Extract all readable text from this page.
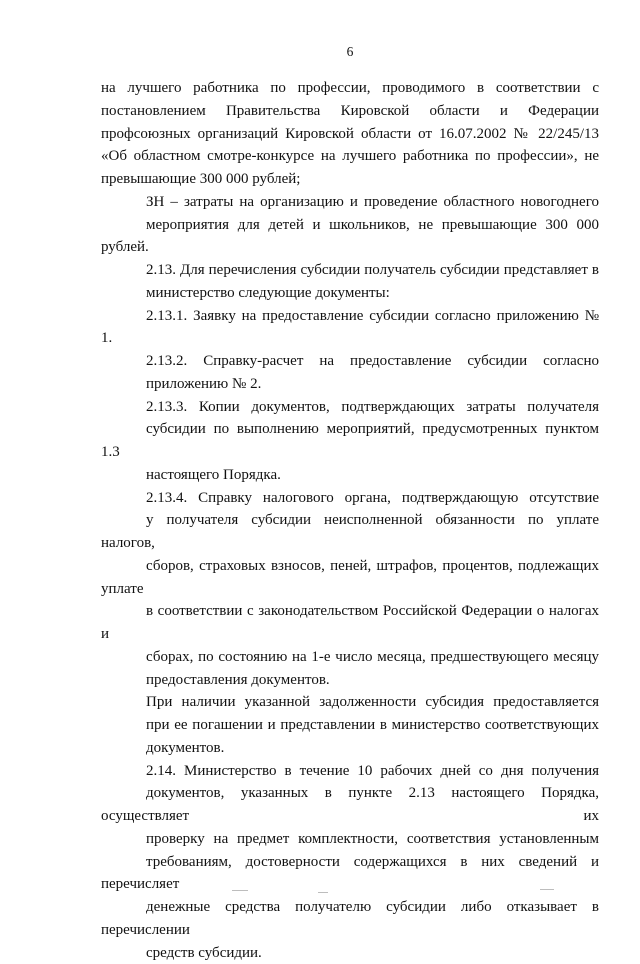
6

на лучшего работника по профессии, проводимого в соответствии с
постановлением Правительства Кировской области и Федерации
профсоюзных организаций Кировской области от 16.07.2002 № 22/245/13
«Об областном смотре-конкурсе на лучшего работника по профессии», не
превышающие 300 000 рублей;

ЗН – затраты на организацию и проведение областного новогоднего
мероприятия для детей и школьников, не превышающие 300 000 рублей.

2.13. Для перечисления субсидии получатель субсидии представляет в
министерство следующие документы:

2.13.1. Заявку на предоставление субсидии согласно приложению № 1.

2.13.2. Справку-расчет на предоставление субсидии согласно
приложению № 2.

2.13.3. Копии документов, подтверждающих затраты получателя
субсидии по выполнению мероприятий, предусмотренных пунктом 1.3
настоящего Порядка.

2.13.4. Справку налогового органа, подтверждающую отсутствие
у получателя субсидии неисполненной обязанности по уплате налогов,
сборов, страховых взносов, пеней, штрафов, процентов, подлежащих уплате
в соответствии с законодательством Российской Федерации о налогах и
сборах, по состоянию на 1-е число месяца, предшествующего месяцу
предоставления документов.

При наличии указанной задолженности субсидия предоставляется
при ее погашении и представлении в министерство соответствующих
документов.

2.14. Министерство в течение 10 рабочих дней со дня получения
документов, указанных в пункте 2.13 настоящего Порядка, осуществляет их
проверку на предмет комплектности, соответствия установленным
требованиям, достоверности содержащихся в них сведений и перечисляет
денежные средства получателю субсидии либо отказывает в перечислении
средств субсидии.
